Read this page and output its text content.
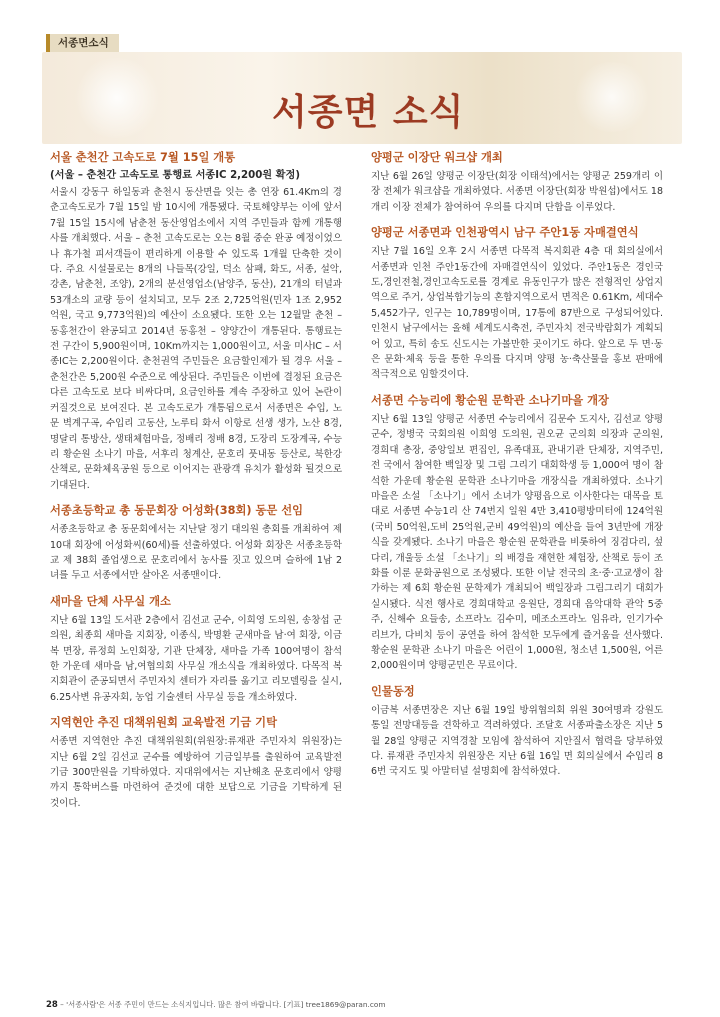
서종면소식
서종면 소식
서울 춘천간 고속도로 7월 15일 개통
(서울 – 춘천간 고속도로 통행료 서종IC 2,200원 확정)

서울시 강동구 하일동과 춘천시 동산면을 잇는 총 연장 61.4Km의 경춘고속도로가 7월 15일 밤 10시에 개통됐다. 국토해양부는 이에 앞서 7월 15일 15시에 남춘천 동산영업소에서 지역 주민들과 함께 개통행사를 개최했다. 서울 – 춘천 고속도로는 오는 8월 중순 완공 예정이었으나 휴가철 피서객들이 편리하게 이용할 수 있도록 1개월 단축한 것이다. 주요 시설물로는 8개의 나들목(강일, 덕소 삼패, 화도, 서종, 설악, 강촌, 남춘천, 조양), 2개의 분선영업소(남양주, 동산), 21개의 터널과 53개소의 교량 등이 설치되고, 모두 2조 2,725억원(민자 1조 2,952억원, 국고 9,773억원)의 예산이 소요됐다. 또한 오는 12월말 춘천 – 동홍천간이 완공되고 2014년 동홍천 – 양양간이 개통된다. 통행료는 전 구간이 5,900원이며, 10Km까지는 1,000원이고, 서울 미사IC – 서종IC는 2,200원이다. 춘천권역 주민들은 요금할인제가 될 경우 서울 – 춘천간은 5,200원 수준으로 예상된다. 주민들은 이번에 결정된 요금은 다른 고속도로 보다 비싸다며, 요금인하를 계속 주장하고 있어 논란이 커질것으로 보여진다. 본 고속도로가 개통됨으로서 서종면은 수입, 노문 벽계구곡, 수입리 고동산, 노루티 화서 이항로 선생 생가, 노산 8경, 명달리 통방산, 생태체험마을, 정배리 정배 8경, 도장리 도장계곡, 수능리 황순원 소나기 마을, 서후리 청계산, 문호리 풋내동 등산로, 북한강 산책로, 문화체육공원 등으로 이어지는 관광객 유치가 활성화 될것으로 기대된다.

서종초등학교 총 동문회장 어성화(38회) 동문 선임

서종초등학교 총 동문회에서는 지난달 정기 대의원 총회를 개최하여 제10대 회장에 어성화씨(60세)를 선출하였다. 어성화 회장은 서종초등학교 제 38회 졸업생으로 문호리에서 농사를 짓고 있으며 슬하에 1남 2녀를 두고 서종에서만 살아온 서종맨이다.

새마을 단체 사무실 개소

지난 6월 13일 도서관 2층에서 김선교 군수, 이희영 도의원, 송창섭 군의원, 최종희 새마을 지회장, 이종식, 박명환 군새마을 남·여 회장, 이금복 면장, 류정희 노인회장, 기관 단체장, 새마을 가족 100여명이 참석한 가운데 새마을 남,여협의회 사무실 개소식을 개최하였다. 다목적 복지회관이 준공되면서 주민자치 센터가 자리를 옮기고 리모델링을 실시, 6.25사변 유공자회, 농업 기술센터 사무실 등을 개소하였다.

지역현안 추진 대책위원회 교육발전 기금 기탁

서종면 지역현안 추진 대책위원회(위원장:류재관 주민자치 위원장)는 지난 6월 2일 김선교 군수를 예방하여 기금일부를 출원하여 교육발전 기금 300만원을 기탁하였다. 지대위에서는 지난해초 문호리에서 양평까지 통학버스를 마련하여 준것에 대한 보답으로 기금을 기탁하게 된 것이다.

양평군 이장단 워크샵 개최

지난 6월 26일 양평군 이장단(회장 이태석)에서는 양평군 259개리 이장 전체가 워크샵을 개최하였다. 서종면 이장단(회장 박원섭)에서도 18개리 이장 전체가 참여하여 우의를 다지며 단합을 이루었다.

양평군 서종면과 인천광역시 남구 주안1동 자매결연식

지난 7월 16일 오후 2시 서종면 다목적 복지회관 4층 대 회의실에서 서종면과 인천 주안1동간에 자매결연식이 있었다. 주안1동은 경인국도,경인전철,경인고속도로를 경계로 유동인구가 많은 전형적인 상업지역으로 주거, 상업복합기능의 혼합지역으로서 면적은 0.61Km, 세대수 5,452가구, 인구는 10,789명이며, 17통에 87반으로 구성되어있다. 인천시 남구에서는 올해 세계도시축전, 주민자치 전국박람회가 계획되어 있고, 특히 송도 신도시는 가볼만한 곳이기도 하다. 앞으로 두 면·동은 문화·체육 등을 통한 우의를 다지며 양평 농·축산물을 홍보 판매에 적극적으로 임할것이다.

서종면 수능리에 황순원 문학관 소나기마을 개장

지난 6월 13일 양평군 서종면 수능리에서 김문수 도지사, 김선교 양평군수, 정병국 국회의원 이희영 도의원, 권오균 군의회 의장과 군의원, 경희대 총장, 중앙일보 편집인, 유족대표, 관내기관 단체장, 지역주민,전 국에서 참여한 백일장 및 그림 그리기 대회학생 등 1,000여 명이 참석한 가운데 황순원 문학관 소나기마을 개장식을 개최하였다. 소나기 마을은 소설 「소나기」에서 소녀가 양평읍으로 이사한다는 대목을 토대로 서종면 수능1리 산 74번지 일원 4만 3,410평방미터에 124억원(국비 50억원,도비 25억원,군비 49억원)의 예산을 들여 3년만에 개장식을 갖게됐다. 소나기 마을은 황순원 문학관을 비롯하여 징검다리, 섶다리, 개울등 소설 「소나기」의 배경을 재현한 체험장, 산책로 등이 조화를 이룬 문화공원으로 조성됐다. 또한 이날 전국의 초·중·고교생이 참가하는 제 6회 황순원 문학제가 개최되어 백일장과 그림그리기 대회가 실시됐다. 식전 행사로 경희대학교 응원단, 경희대 음악대학 관악 5중주, 신해수 요들송, 소프라노 김수미, 메조소프라노 임유라, 인기가수 리브가, 다비치 등이 공연을 하여 참석한 모두에게 즐거움을 선사했다. 황순원 문학관 소나기 마을은 어린이 1,000원, 청소년 1,500원, 어른 2,000원이며 양평군민은 무료이다.

인물동정

이금복 서종면장은 지난 6월 19일 방위협의회 위원 30여명과 강원도 통일 전망대등을 견학하고 격려하였다. 조달호 서종파출소장은 지난 5월 28일 양평군 지역경찰 모임에 참석하여 지안질서 협력을 당부하였다. 류재관 주민자치 위원장은 지난 6월 16일 면 회의실에서 수입리 86번 국지도 및 아말터널 설명회에 참석하였다.

28 – '서종사람'은 서종 주민이 만드는 소식지입니다. 많은 참여 바랍니다. [기표] tree1869@paran.com
